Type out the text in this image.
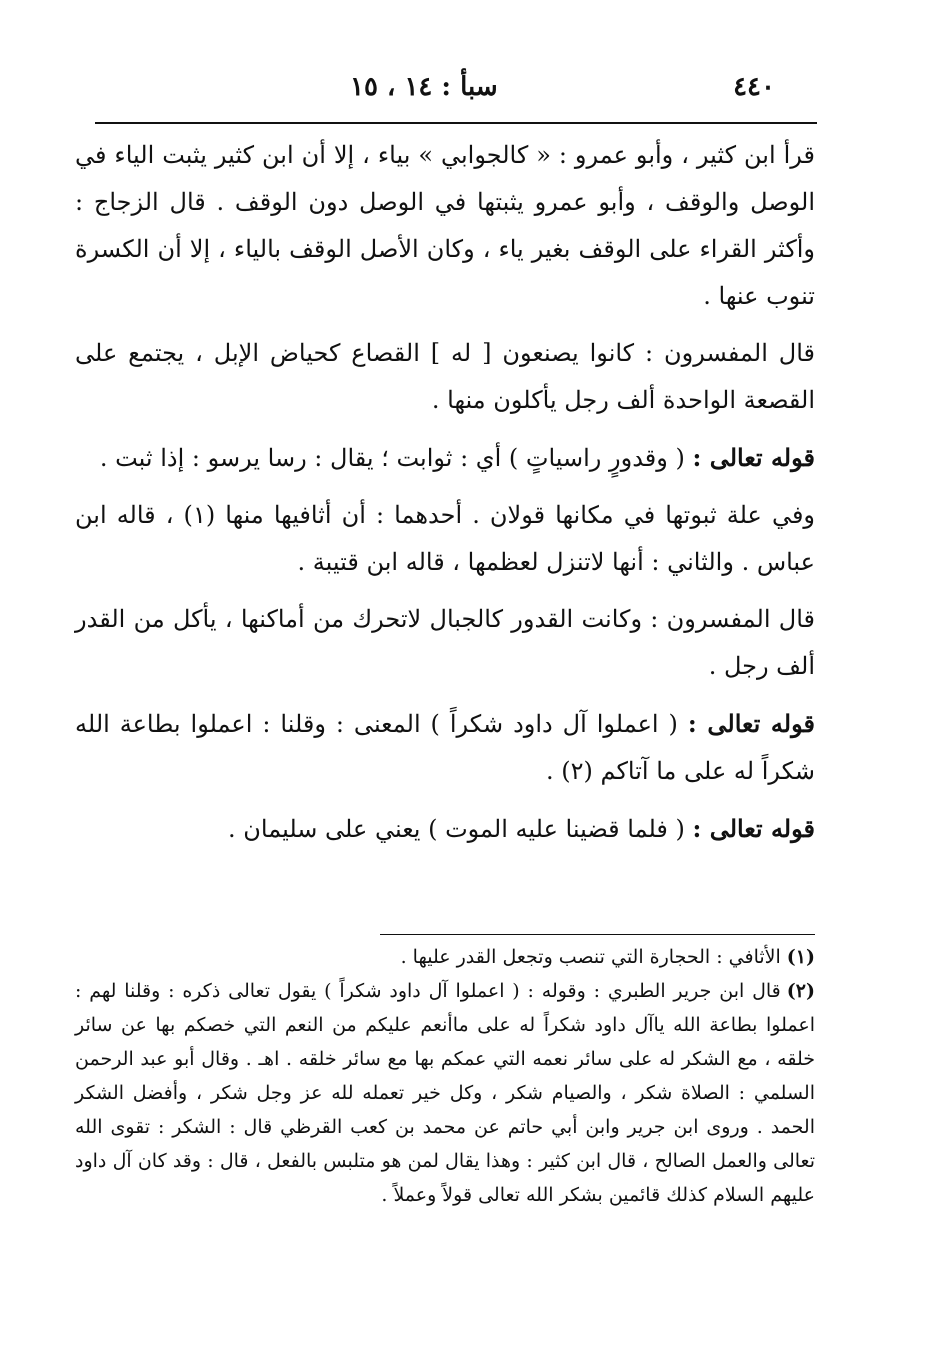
٤٤٠
سبأ : ١٤ ، ١٥

قرأ ابن كثير ، وأبو عمرو : « كالجوابي » بياء ، إلا أن ابن كثير يثبت الياء في الوصل والوقف ، وأبو عمرو يثبتها في الوصل دون الوقف . قال الزجاج : وأكثر القراء على الوقف بغير ياء ، وكان الأصل الوقف بالياء ، إلا أن الكسرة تنوب عنها .

قال المفسرون : كانوا يصنعون [ له ] القصاع كحياض الإبل ، يجتمع على القصعة الواحدة ألف رجل يأكلون منها .

قوله تعالى : ( وقدورٍ راسياتٍ ) أي : ثوابت ؛ يقال : رسا يرسو : إذا ثبت .

وفي علة ثبوتها في مكانها قولان . أحدهما : أن أثافيها منها (١) ، قاله ابن عباس . والثاني : أنها لاتنزل لعظمها ، قاله ابن قتيبة .

قال المفسرون : وكانت القدور كالجبال لاتحرك من أماكنها ، يأكل من القدر ألف رجل .

قوله تعالى : ( اعملوا آل داود شكراً ) المعنى : وقلنا : اعملوا بطاعة الله شكراً له على ما آتاكم (٢) .

قوله تعالى : ( فلما قضينا عليه الموت ) يعني على سليمان .

(١)الأثافي : الحجارة التي تنصب وتجعل القدر عليها .

(٢)قال ابن جرير الطبري : وقوله : ( اعملوا آل داود شكراً ) يقول تعالى ذكره : وقلنا لهم : اعملوا بطاعة الله ياآل داود شكراً له على ماأنعم عليكم من النعم التي خصكم بها عن سائر خلقه ، مع الشكر له على سائر نعمه التي عمكم بها مع سائر خلقه . اهـ . وقال أبو عبد الرحمن السلمي : الصلاة شكر ، والصيام شكر ، وكل خير تعمله لله عز وجل شكر ، وأفضل الشكر الحمد . وروى ابن جرير وابن أبي حاتم عن محمد بن كعب القرظي قال : الشكر : تقوى الله تعالى والعمل الصالح ، قال ابن كثير : وهذا يقال لمن هو متلبس بالفعل ، قال : وقد كان آل داود عليهم السلام كذلك قائمين بشكر الله تعالى قولاً وعملاً .
